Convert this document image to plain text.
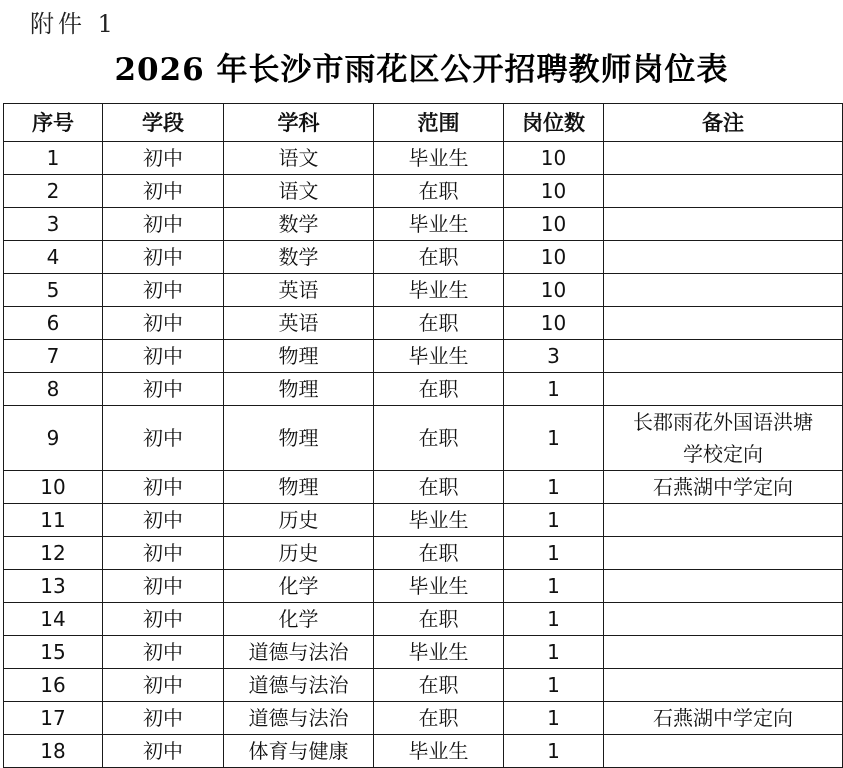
附件 1
2026 年长沙市雨花区公开招聘教师岗位表
序号	学段	学科	范围	岗位数	备注
1	初中	语文	毕业生	10	
2	初中	语文	在职	10	
3	初中	数学	毕业生	10	
4	初中	数学	在职	10	
5	初中	英语	毕业生	10	
6	初中	英语	在职	10	
7	初中	物理	毕业生	3	
8	初中	物理	在职	1	
9	初中	物理	在职	1	长郡雨花外国语洪塘
学校定向
10	初中	物理	在职	1	石燕湖中学定向
11	初中	历史	毕业生	1	
12	初中	历史	在职	1	
13	初中	化学	毕业生	1	
14	初中	化学	在职	1	
15	初中	道德与法治	毕业生	1	
16	初中	道德与法治	在职	1	
17	初中	道德与法治	在职	1	石燕湖中学定向
18	初中	体育与健康	毕业生	1	
